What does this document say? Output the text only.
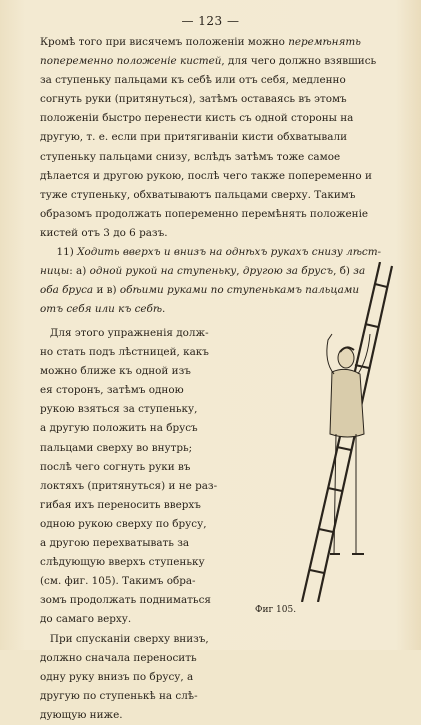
— 123 —
Кромѣ того при висячемъ положеніи можно перемѣнять
попеременно положеніе кистей, для чего должно взявшись
за ступеньку пальцами къ себѣ или отъ себя, медленно
согнуть руки (притянуться), затѣмъ оставаясь въ этомъ
положеніи быстро перенести кисть съ одной стороны на
другую, т. е. если при притягиваніи кисти обхватывали
ступеньку пальцами снизу, вслѣдъ затѣмъ тоже самое
дѣлается и другою рукою, послѣ чего также попеременно и
туже ступеньку, обхватываютъ пальцами сверху. Такимъ
образомъ продолжать попеременно перемѣнять положеніе
кистей отъ 3 до 6 разъ.
11) Ходить вверхъ и внизъ на однѣхъ рукахъ снизу лѣст-
ницы: а) одной рукой на ступеньку, другою за брусъ, б) за
оба бруса и в) обѣими руками по ступенькамъ пальцами
отъ себя или къ себѣ.
Для этого упражненія долж-
но стать подъ лѣстницей, какъ
можно ближе къ одной изъ
ея сторонъ, затѣмъ одною
рукою взяться за ступеньку,
а другую положить на брусъ
пальцами сверху во внутрь;
послѣ чего согнуть руки въ
локтяхъ (притянуться) и не раз-
гибая ихъ переносить вверхъ
одною рукою сверху по брусу,
а другою перехватывать за
слѣдующую вверхъ ступеньку
(см. фиг. 105). Такимъ обра-
зомъ продолжать подниматься
до самаго верху.
При спусканіи сверху внизъ,
должно сначала переносить
одну руку внизъ по брусу, а
другую по ступенькѣ на слѣ-
дующую ниже.
Фиг 105.
